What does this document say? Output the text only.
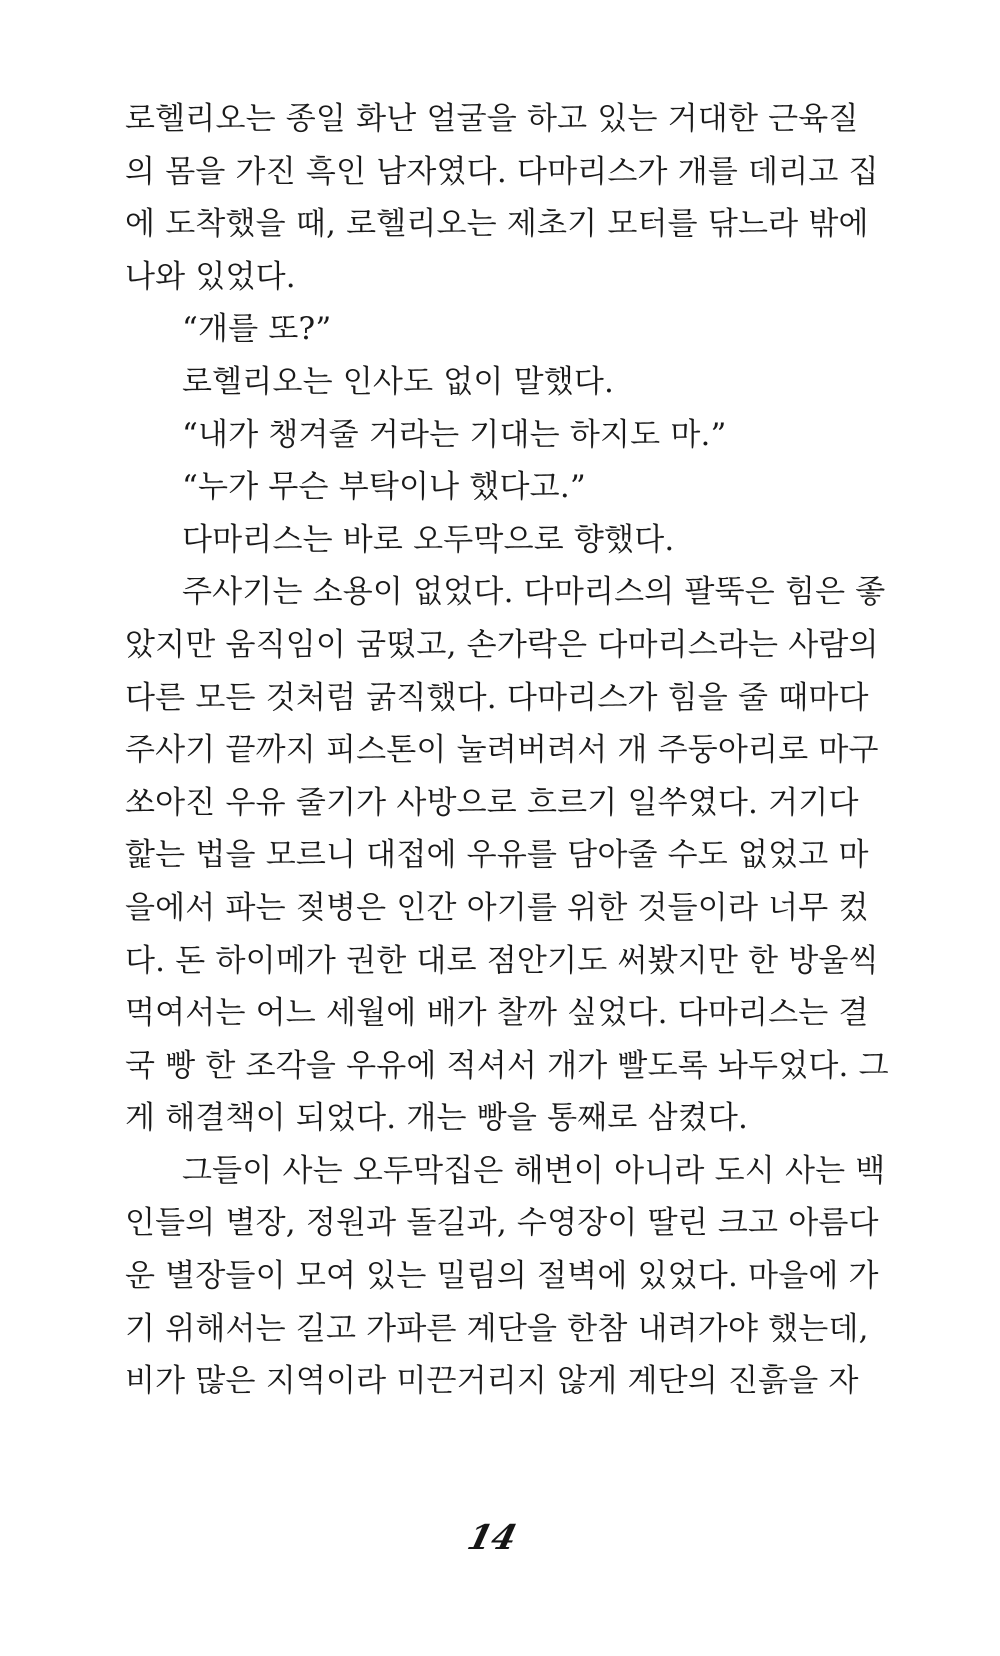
로헬리오는 종일 화난 얼굴을 하고 있는 거대한 근육질
의 몸을 가진 흑인 남자였다. 다마리스가 개를 데리고 집
에 도착했을 때, 로헬리오는 제초기 모터를 닦느라 밖에
나와 있었다.
“개를 또?”
로헬리오는 인사도 없이 말했다.
“내가 챙겨줄 거라는 기대는 하지도 마.”
“누가 무슨 부탁이나 했다고.”
다마리스는 바로 오두막으로 향했다.
주사기는 소용이 없었다. 다마리스의 팔뚝은 힘은 좋
았지만 움직임이 굼떴고, 손가락은 다마리스라는 사람의
다른 모든 것처럼 굵직했다. 다마리스가 힘을 줄 때마다
주사기 끝까지 피스톤이 눌려버려서 개 주둥아리로 마구
쏘아진 우유 줄기가 사방으로 흐르기 일쑤였다. 거기다
핥는 법을 모르니 대접에 우유를 담아줄 수도 없었고 마
을에서 파는 젖병은 인간 아기를 위한 것들이라 너무 컸
다. 돈 하이메가 권한 대로 점안기도 써봤지만 한 방울씩
먹여서는 어느 세월에 배가 찰까 싶었다. 다마리스는 결
국 빵 한 조각을 우유에 적셔서 개가 빨도록 놔두었다. 그
게 해결책이 되었다. 개는 빵을 통째로 삼켰다.
그들이 사는 오두막집은 해변이 아니라 도시 사는 백
인들의 별장, 정원과 돌길과, 수영장이 딸린 크고 아름다
운 별장들이 모여 있는 밀림의 절벽에 있었다. 마을에 가
기 위해서는 길고 가파른 계단을 한참 내려가야 했는데,
비가 많은 지역이라 미끈거리지 않게 계단의 진흙을 자
14
